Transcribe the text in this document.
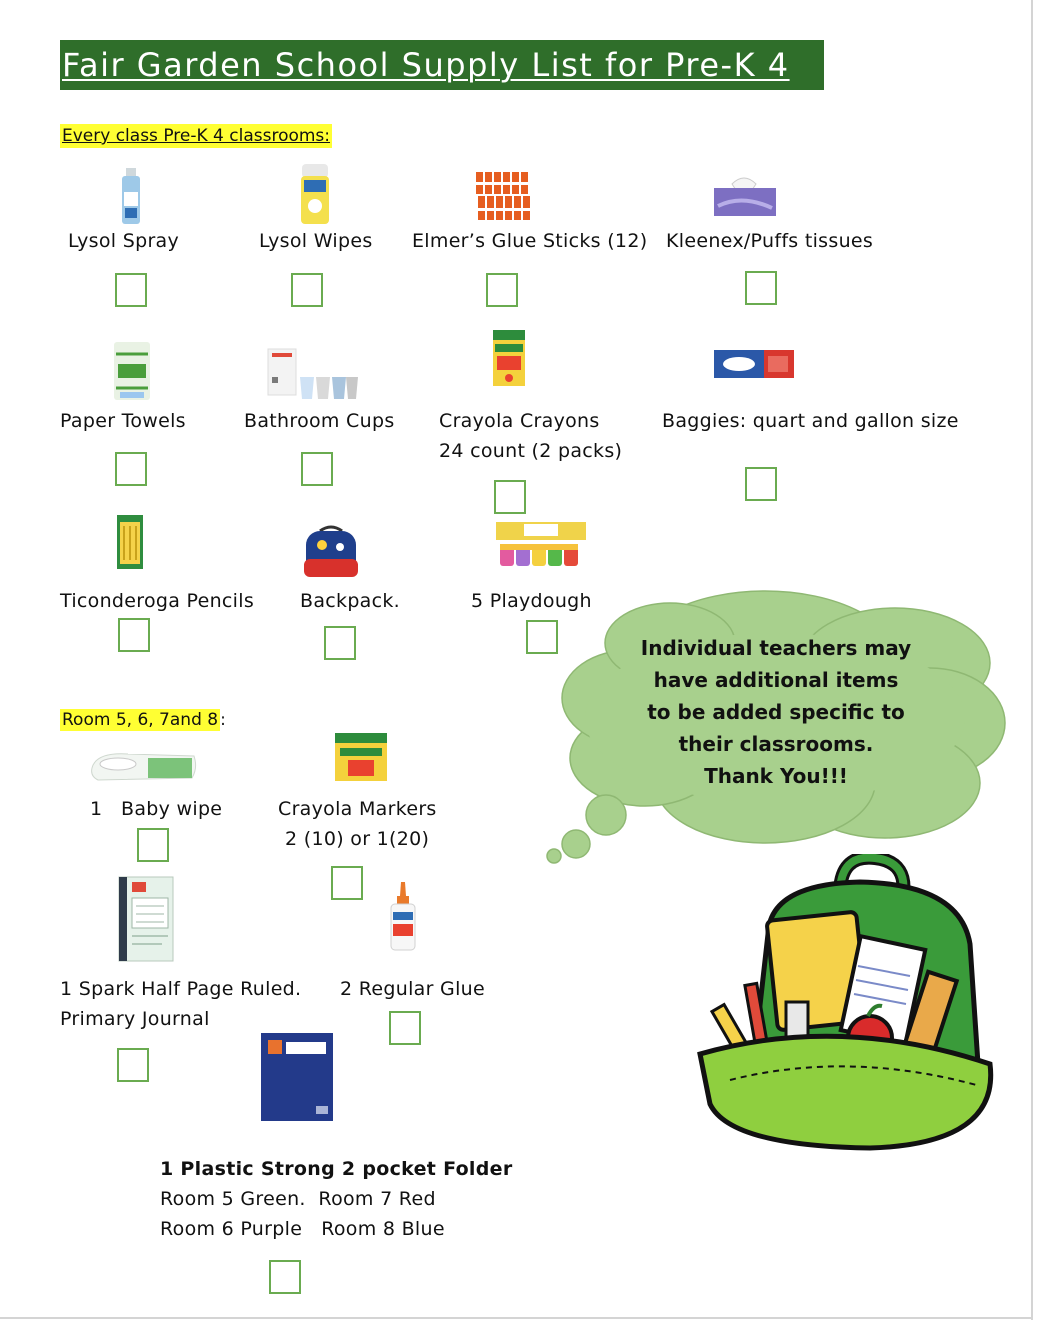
Fair Garden School Supply List for Pre-K 4
Every class Pre-K 4 classrooms:
Lysol Spray	Lysol Wipes Elmer’s Glue Sticks (12) Kleenex/Puffs tissues
Paper Towels	Bathroom Cups Crayola Crayons
24 count (2 packs)
Baggies: quart and gallon size
Ticonderoga Pencils Backpack.	5 Playdough
Individual teachers may
have additional items
to be added specific to
their classrooms.
Thank You!!!
Room 5, 6, 7and 8 :
1 Baby wipe	Crayola Markers
2 (10) or 1(20)
1 Spark Half Page Ruled.
Primary Journal
2 Regular Glue
1 Plastic Strong 2 pocket Folder
Room 5 Green.  Room 7 Red
Room 6 Purple   Room 8 Blue
